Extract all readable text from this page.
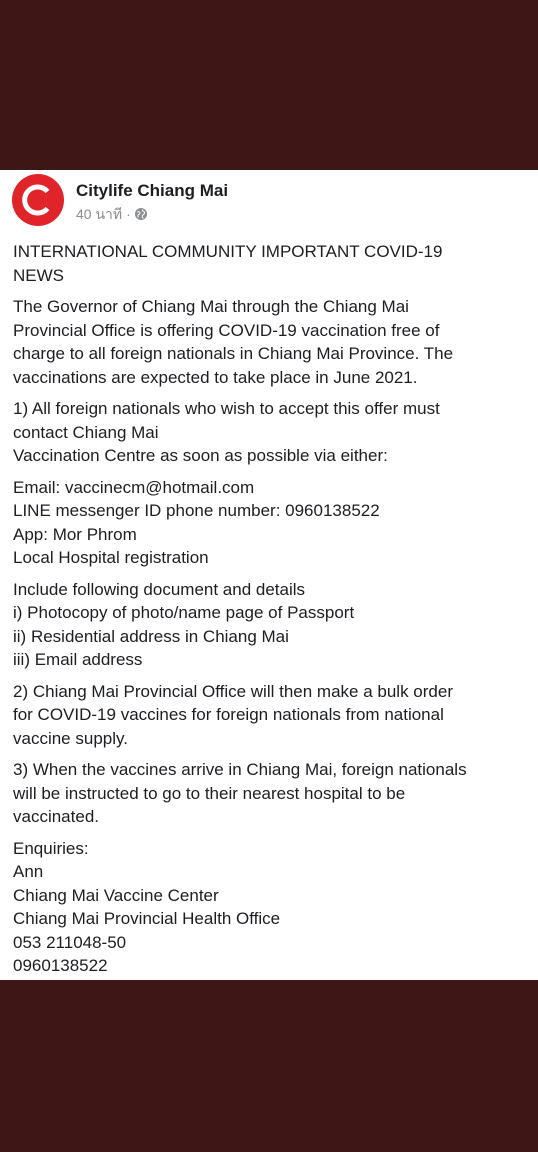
Citylife Chiang Mai
40 นาที ·

INTERNATIONAL COMMUNITY IMPORTANT COVID-19
NEWS

The Governor of Chiang Mai through the Chiang Mai
Provincial Office is offering COVID-19 vaccination free of
charge to all foreign nationals in Chiang Mai Province. The
vaccinations are expected to take place in June 2021.

1) All foreign nationals who wish to accept this offer must
contact Chiang Mai
Vaccination Centre as soon as possible via either:

Email: vaccinecm@hotmail.com
LINE messenger ID phone number: 0960138522
App: Mor Phrom
Local Hospital registration

Include following document and details
i) Photocopy of photo/name page of Passport
ii) Residential address in Chiang Mai
iii) Email address

2) Chiang Mai Provincial Office will then make a bulk order
for COVID-19 vaccines for foreign nationals from national
vaccine supply.

3) When the vaccines arrive in Chiang Mai, foreign nationals
will be instructed to go to their nearest hospital to be
vaccinated.

Enquiries:
Ann
Chiang Mai Vaccine Center
Chiang Mai Provincial Health Office
053 211048-50
0960138522
